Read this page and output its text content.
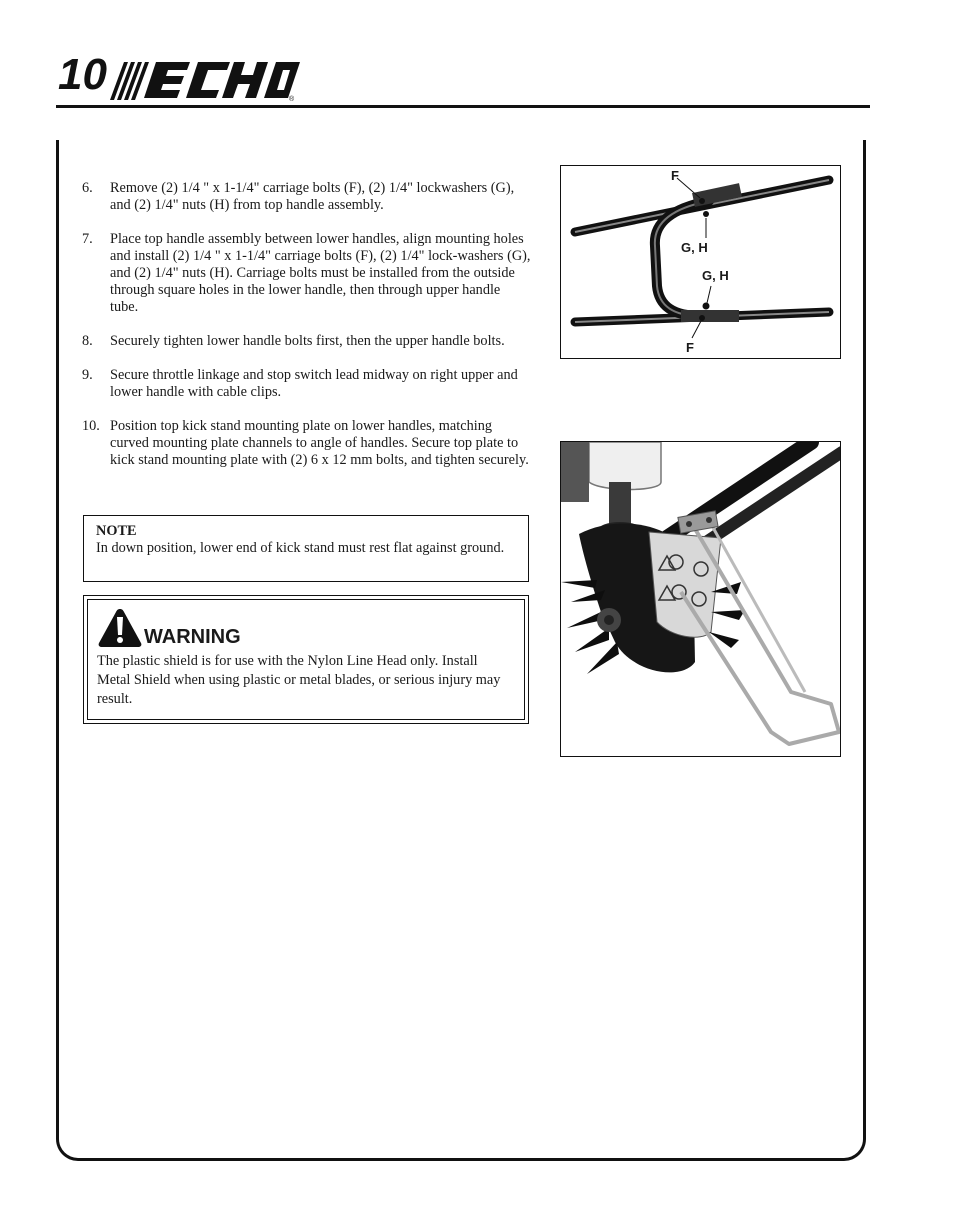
10
®
6. Remove (2) 1/4 " x 1-1/4" carriage bolts (F), (2) 1/4" lockwashers (G), and (2) 1/4" nuts (H) from top handle assembly.
7. Place top handle assembly between lower handles, align mounting holes and install (2) 1/4 " x 1-1/4" carriage bolts (F), (2) 1/4" lock-washers (G), and (2) 1/4" nuts (H). Carriage bolts must be installed from the outside through square holes in the lower handle, then through upper handle tube.
8. Securely tighten lower handle bolts first, then the upper handle bolts.
9. Secure throttle linkage and stop switch lead midway on right upper and lower handle with cable clips.
10. Position top kick stand mounting plate on lower handles, matching curved mounting plate channels to angle of handles. Secure top plate to kick stand mounting plate with (2) 6 x 12 mm bolts, and tighten securely.
NOTE
In down position, lower end of kick stand must rest flat against ground.
WARNING
The plastic shield is for use with the Nylon Line Head only. Install Metal Shield when using plastic or metal blades, or serious injury may result.
F
G, H
G, H
F
